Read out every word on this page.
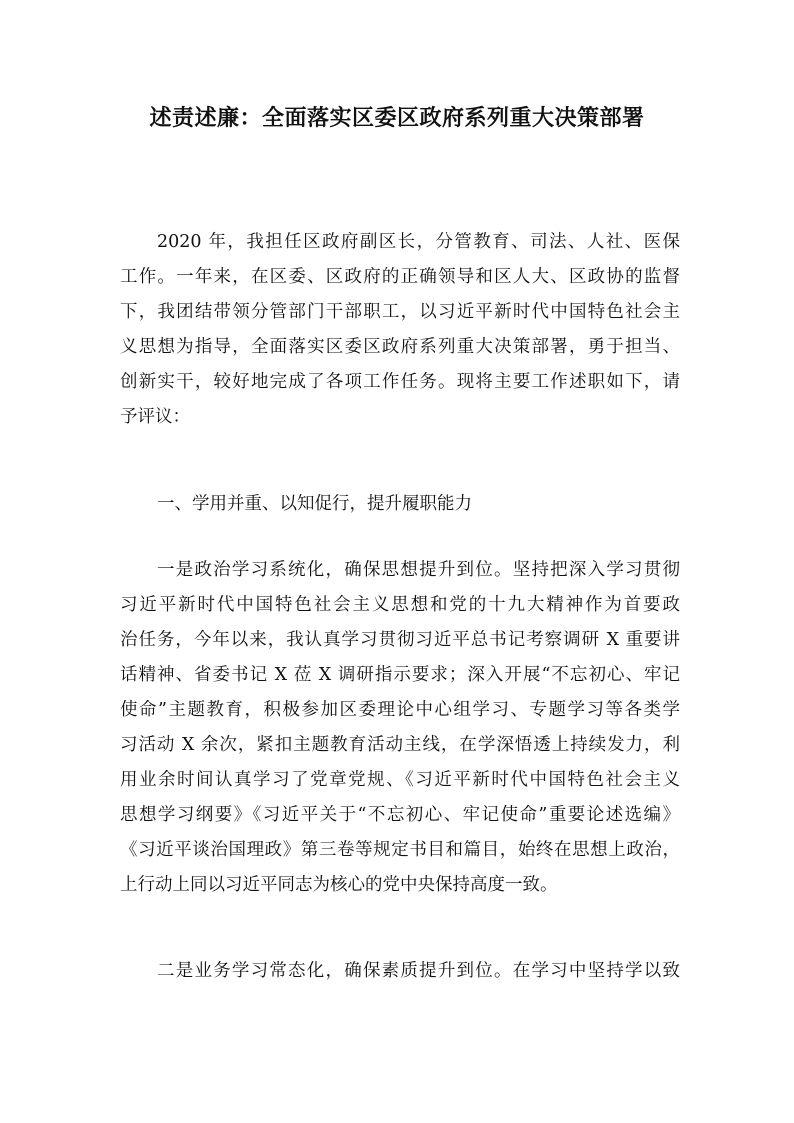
述责述廉：全面落实区委区政府系列重大决策部署
2020 年，我担任区政府副区长，分管教育、司法、人社、医保
工作。一年来，在区委、区政府的正确领导和区人大、区政协的监督
下，我团结带领分管部门干部职工，以习近平新时代中国特色社会主
义思想为指导，全面落实区委区政府系列重大决策部署，勇于担当、
创新实干，较好地完成了各项工作任务。现将主要工作述职如下，请
予评议：
一、学用并重、以知促行，提升履职能力
一是政治学习系统化，确保思想提升到位。坚持把深入学习贯彻
习近平新时代中国特色社会主义思想和党的十九大精神作为首要政
治任务，今年以来，我认真学习贯彻习近平总书记考察调研 X 重要讲
话精神、省委书记 X 莅 X 调研指示要求；深入开展“不忘初心、牢记
使命”主题教育，积极参加区委理论中心组学习、专题学习等各类学
习活动 X 余次，紧扣主题教育活动主线，在学深悟透上持续发力，利
用业余时间认真学习了党章党规、《习近平新时代中国特色社会主义
思想学习纲要》《习近平关于“不忘初心、牢记使命”重要论述选编》
《习近平谈治国理政》第三卷等规定书目和篇目，始终在思想上政治，
上行动上同以习近平同志为核心的党中央保持高度一致。
二是业务学习常态化，确保素质提升到位。在学习中坚持学以致
